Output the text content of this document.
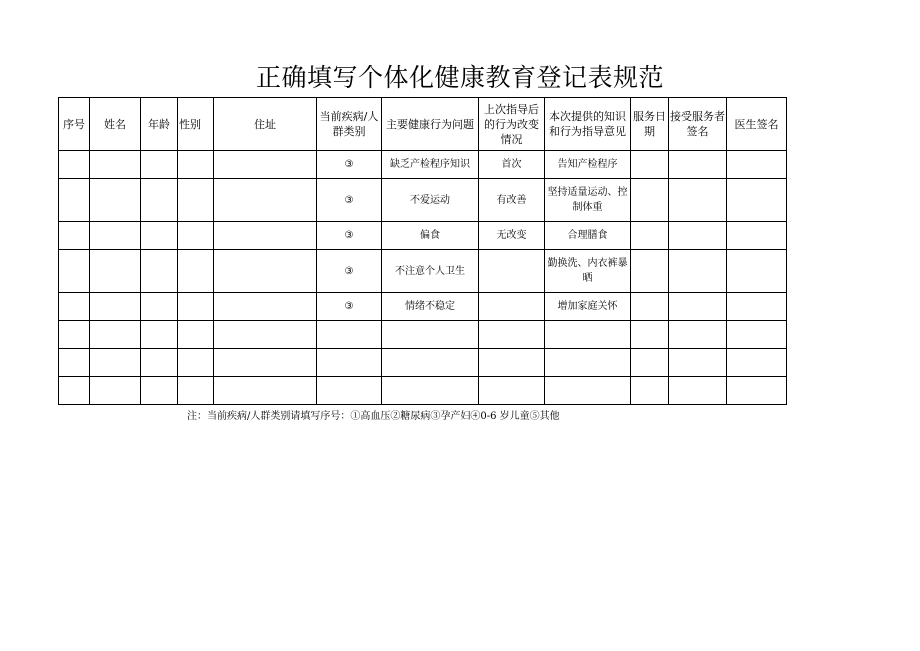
正确填写个体化健康教育登记表规范
序号	姓名	年龄	性别	住址	当前疾病/人群类别	主要健康行为问题	上次指导后的行为改变情况	本次提供的知识和行为指导意见	服务日期	接受服务者签名	医生签名

					③	缺乏产检程序知识	首次	告知产检程序			
					③	不爱运动	有改善	坚持适量运动、控制体重			
					③	偏食	无改变	合理膳食			
					③	不注意个人卫生		勤换洗、内衣裤暴晒			
					③	情绪不稳定		增加家庭关怀			

注：当前疾病/人群类别请填写序号：①高血压②糖尿病③孕产妇④0-6 岁儿童⑤其他
